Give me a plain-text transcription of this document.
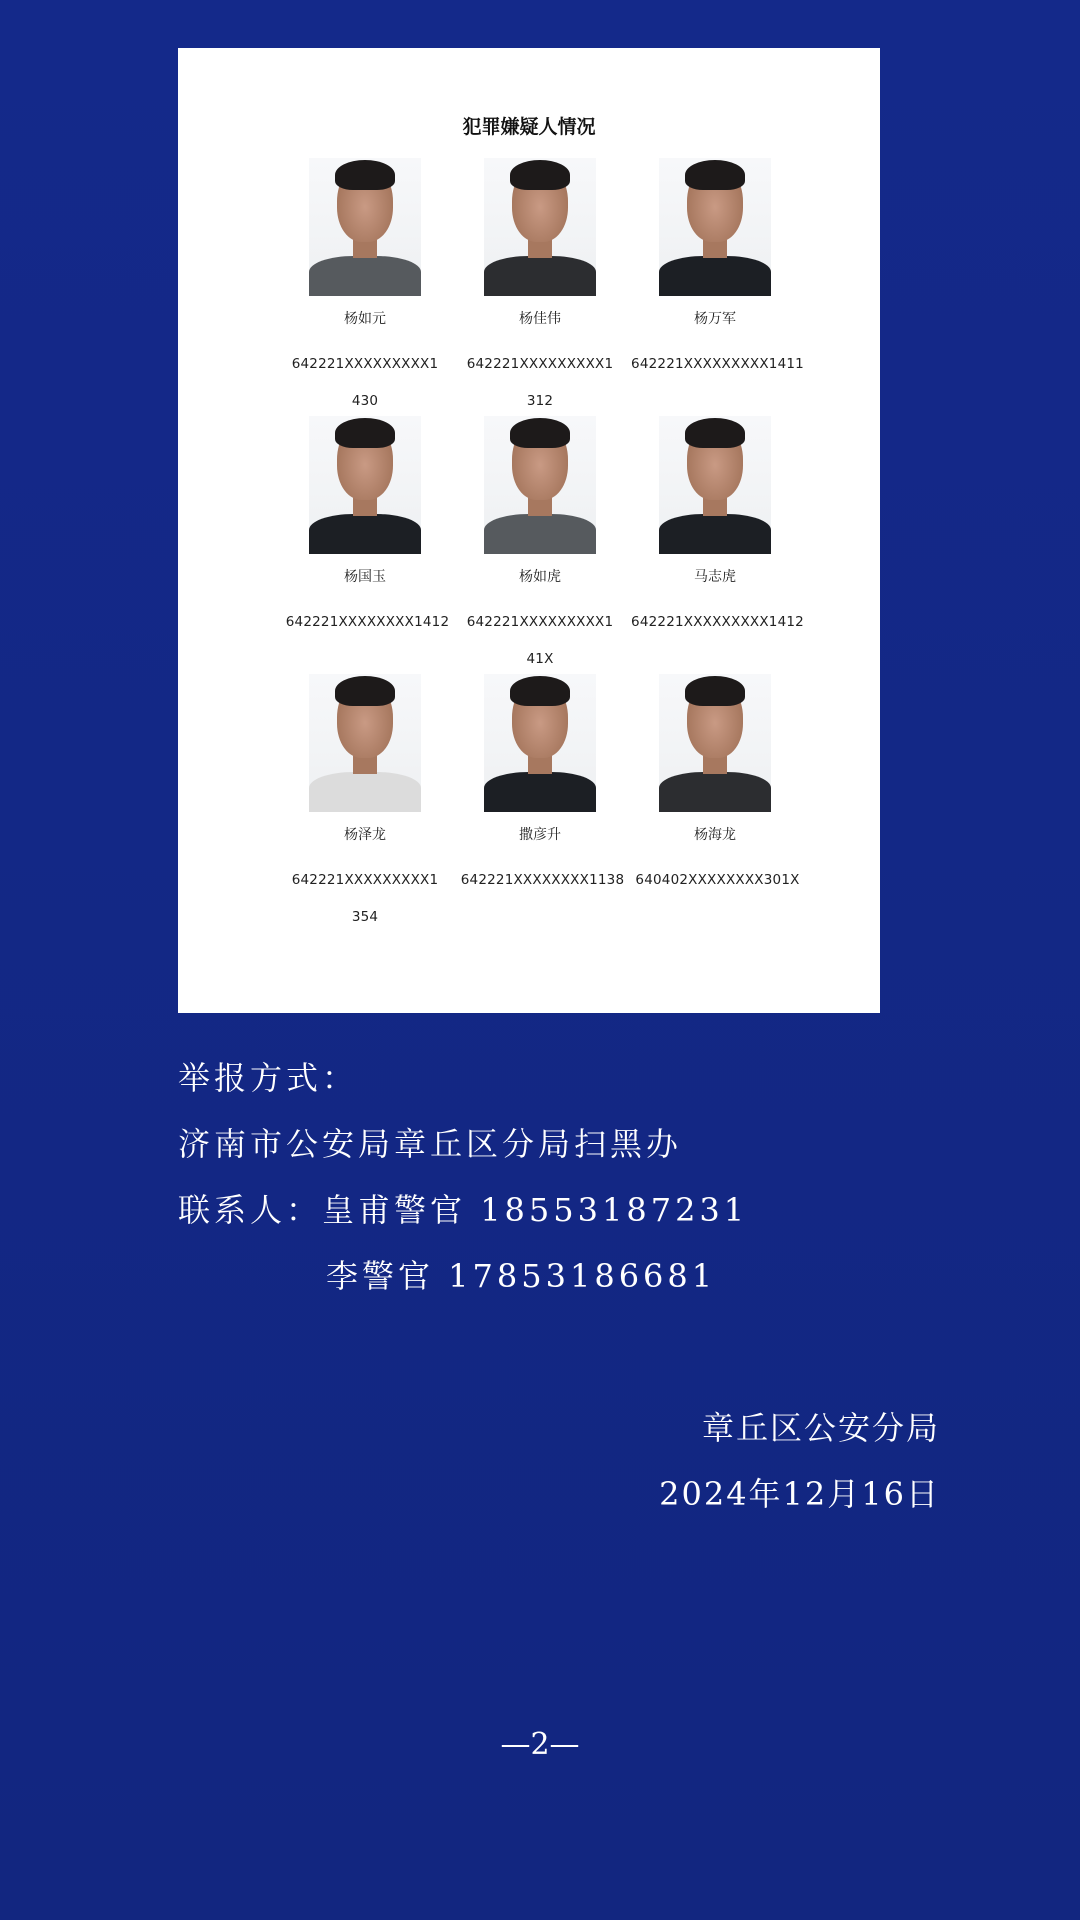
犯罪嫌疑人情况
杨如元
642221XXXXXXXXX1430
杨佳伟
642221XXXXXXXXX1312
杨万军
642221XXXXXXXXX1411
杨国玉
642221XXXXXXXX1412
杨如虎
642221XXXXXXXXX141X
马志虎
642221XXXXXXXXX1412
杨泽龙
642221XXXXXXXXX1354
撒彦升
642221XXXXXXXX1138
杨海龙
640402XXXXXXXX301X
举报方式：
济南市公安局章丘区分局扫黑办
联系人：皇甫警官 18553187231
李警官 17853186681
章丘区公安分局
2024年12月16日
—2—
